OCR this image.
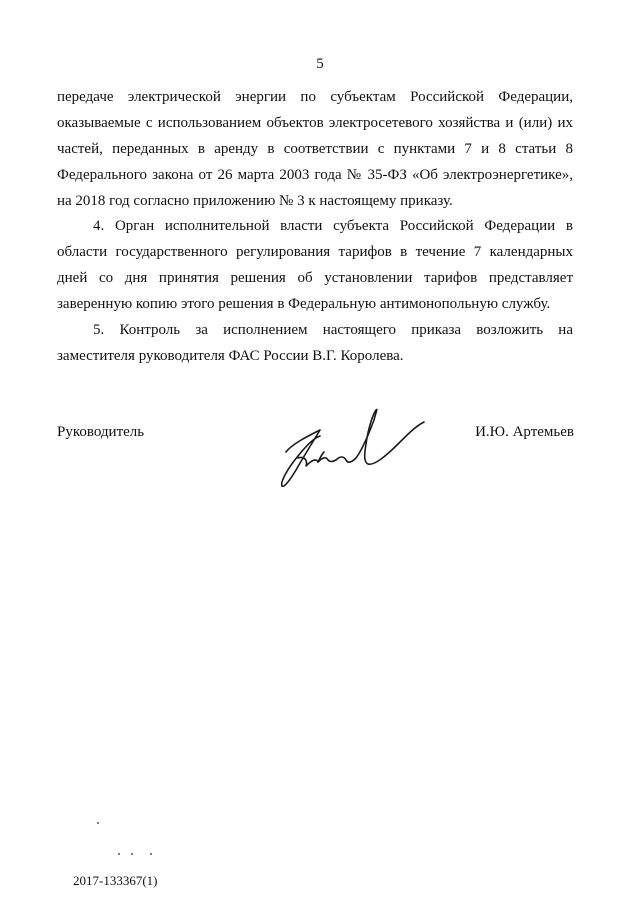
5
передаче электрической энергии по субъектам Российской Федерации,
оказываемые с использованием объектов электросетевого хозяйства и (или) их
частей, переданных в аренду в соответствии с пунктами 7 и 8 статьи 8
Федерального закона от 26 марта 2003 года № 35-ФЗ «Об электроэнергетике»,
на 2018 год согласно приложению № 3 к настоящему приказу.
4. Орган исполнительной власти субъекта Российской Федерации в
области государственного регулирования тарифов в течение 7 календарных
дней со дня принятия решения об установлении тарифов представляет
заверенную копию этого решения в Федеральную антимонопольную службу.
5. Контроль за исполнением настоящего приказа возложить на
заместителя руководителя ФАС России В.Г. Королева.
Руководитель	И.Ю. Артемьев
2017-133367(1)
